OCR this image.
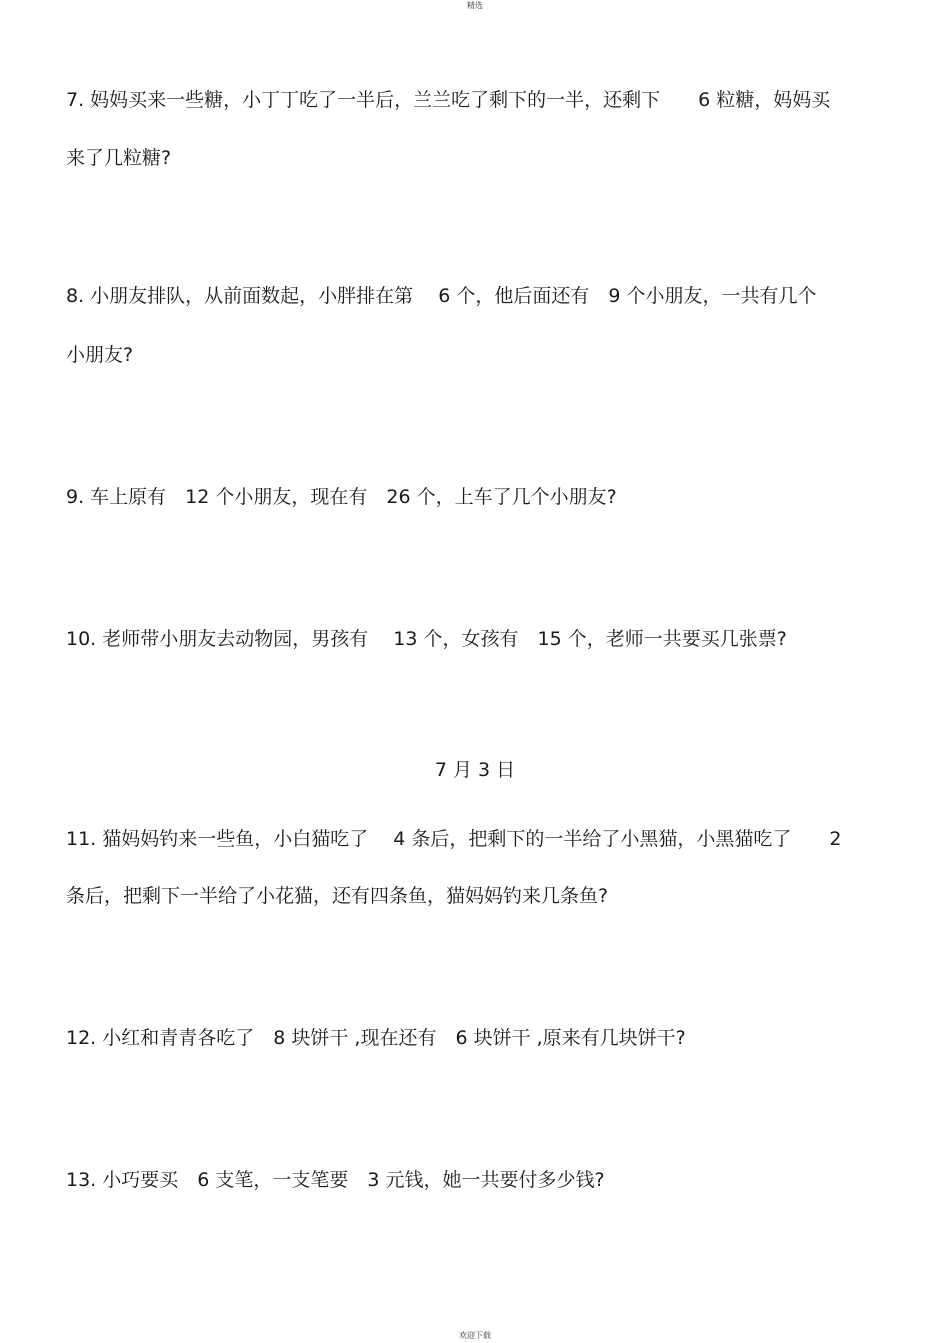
精选
7. 妈妈买来一些糖，小丁丁吃了一半后，兰兰吃了剩下的一半，还剩下　　6 粒糖，妈妈买
来了几粒糖?
8. 小朋友排队，从前面数起，小胖排在第　 6 个，他后面还有　9 个小朋友，一共有几个
小朋友?
9. 车上原有　12 个小朋友，现在有　26 个，上车了几个小朋友?
10. 老师带小朋友去动物园，男孩有　 13 个，女孩有　15 个，老师一共要买几张票?
7 月 3 日
11. 猫妈妈钓来一些鱼，小白猫吃了　 4 条后，把剩下的一半给了小黑猫，小黑猫吃了　　2
条后，把剩下一半给了小花猫，还有四条鱼，猫妈妈钓来几条鱼?
12. 小红和青青各吃了　8 块饼干 ,现在还有　6 块饼干 ,原来有几块饼干?
13. 小巧要买　6 支笔，一支笔要　3 元钱，她一共要付多少钱?
欢迎下载
